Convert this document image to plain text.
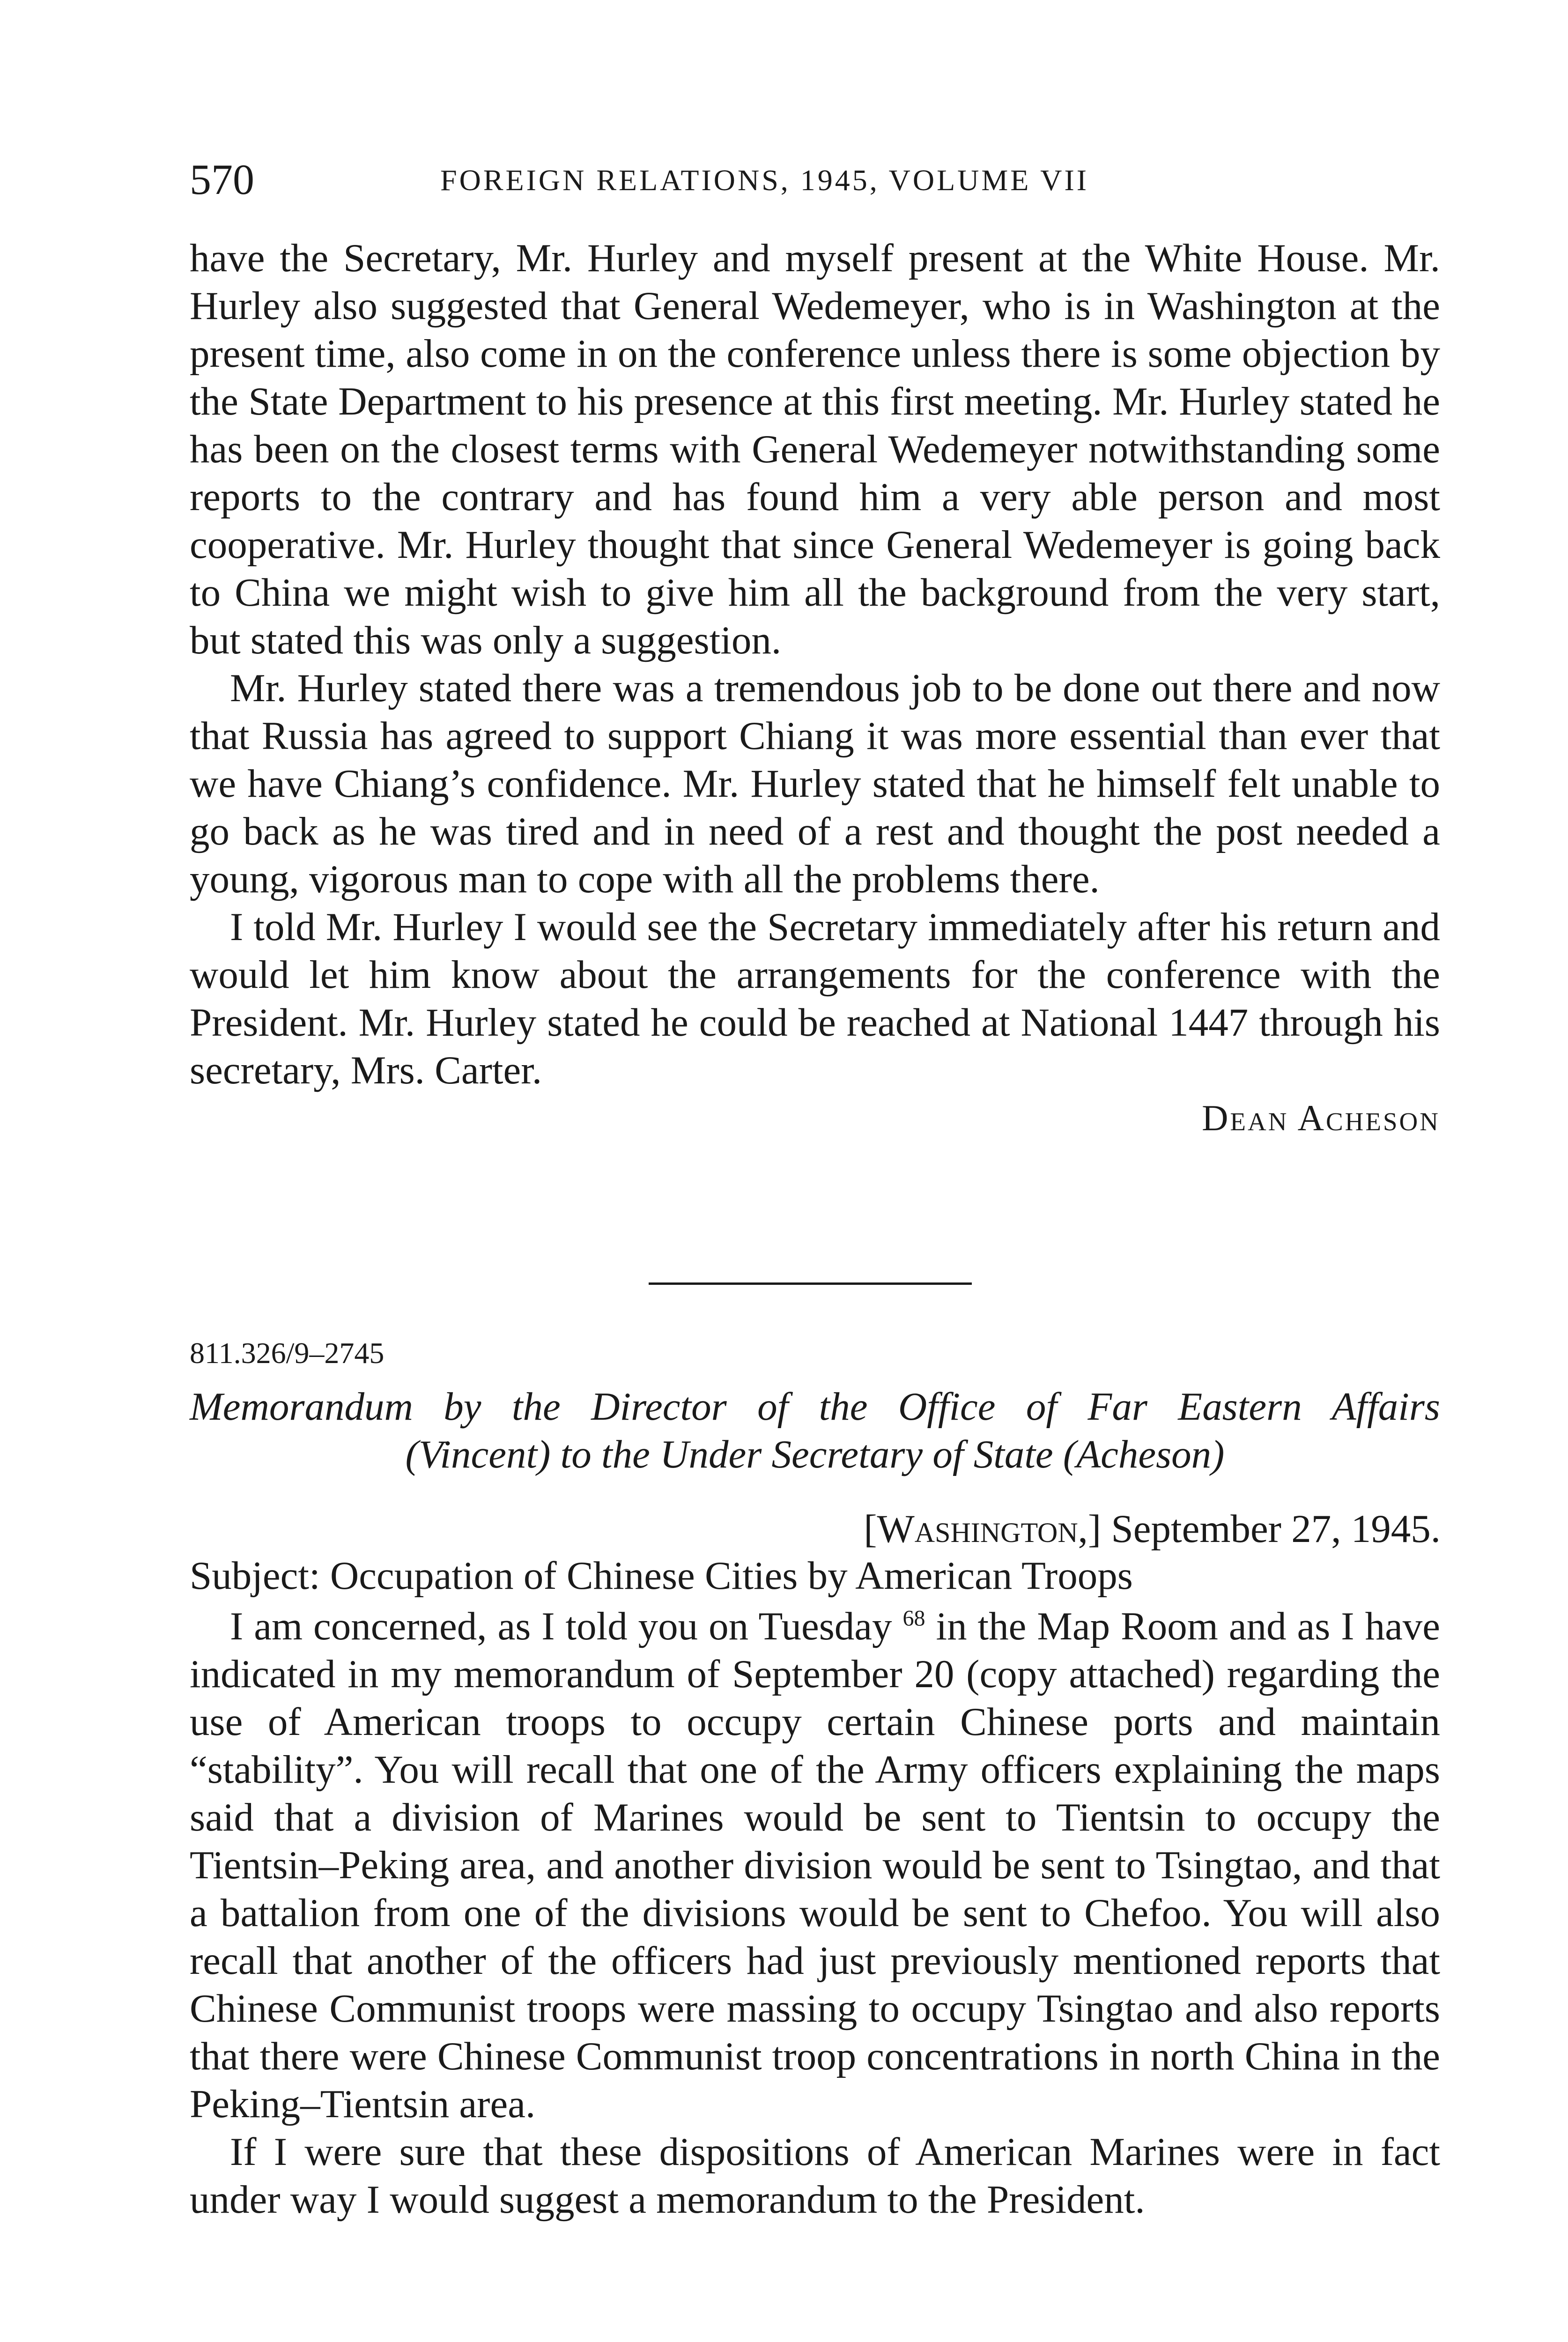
570	FOREIGN RELATIONS, 1945, VOLUME VII

have the Secretary, Mr. Hurley and myself present at the White House. Mr. Hurley also suggested that General Wedemeyer, who is in Washington at the present time, also come in on the conference unless there is some objection by the State Department to his presence at this first meeting. Mr. Hurley stated he has been on the closest terms with General Wedemeyer notwithstanding some reports to the contrary and has found him a very able person and most cooperative. Mr. Hurley thought that since General Wedemeyer is going back to China we might wish to give him all the background from the very start, but stated this was only a suggestion.

Mr. Hurley stated there was a tremendous job to be done out there and now that Russia has agreed to support Chiang it was more essential than ever that we have Chiang’s confidence. Mr. Hurley stated that he himself felt unable to go back as he was tired and in need of a rest and thought the post needed a young, vigorous man to cope with all the problems there.

I told Mr. Hurley I would see the Secretary immediately after his return and would let him know about the arrangements for the conference with the President. Mr. Hurley stated he could be reached at National 1447 through his secretary, Mrs. Carter.

Dean Acheson

811.326/9–2745
Memorandum by the Director of the Office of Far Eastern Affairs
(Vincent) to the Under Secretary of State (Acheson)
[Washington,] September 27, 1945.
Subject: Occupation of Chinese Cities by American Troops

I am concerned, as I told you on Tuesday $^{68}$ in the Map Room and as I have indicated in my memorandum of September 20 (copy attached) regarding the use of American troops to occupy certain Chinese ports and maintain “stability”. You will recall that one of the Army officers explaining the maps said that a division of Marines would be sent to Tientsin to occupy the Tientsin–Peking area, and another division would be sent to Tsingtao, and that a battalion from one of the divisions would be sent to Chefoo. You will also recall that another of the officers had just previously mentioned reports that Chinese Communist troops were massing to occupy Tsingtao and also reports that there were Chinese Communist troop concentrations in north China in the Peking–Tientsin area.

If I were sure that these dispositions of American Marines were in fact under way I would suggest a memorandum to the President.
